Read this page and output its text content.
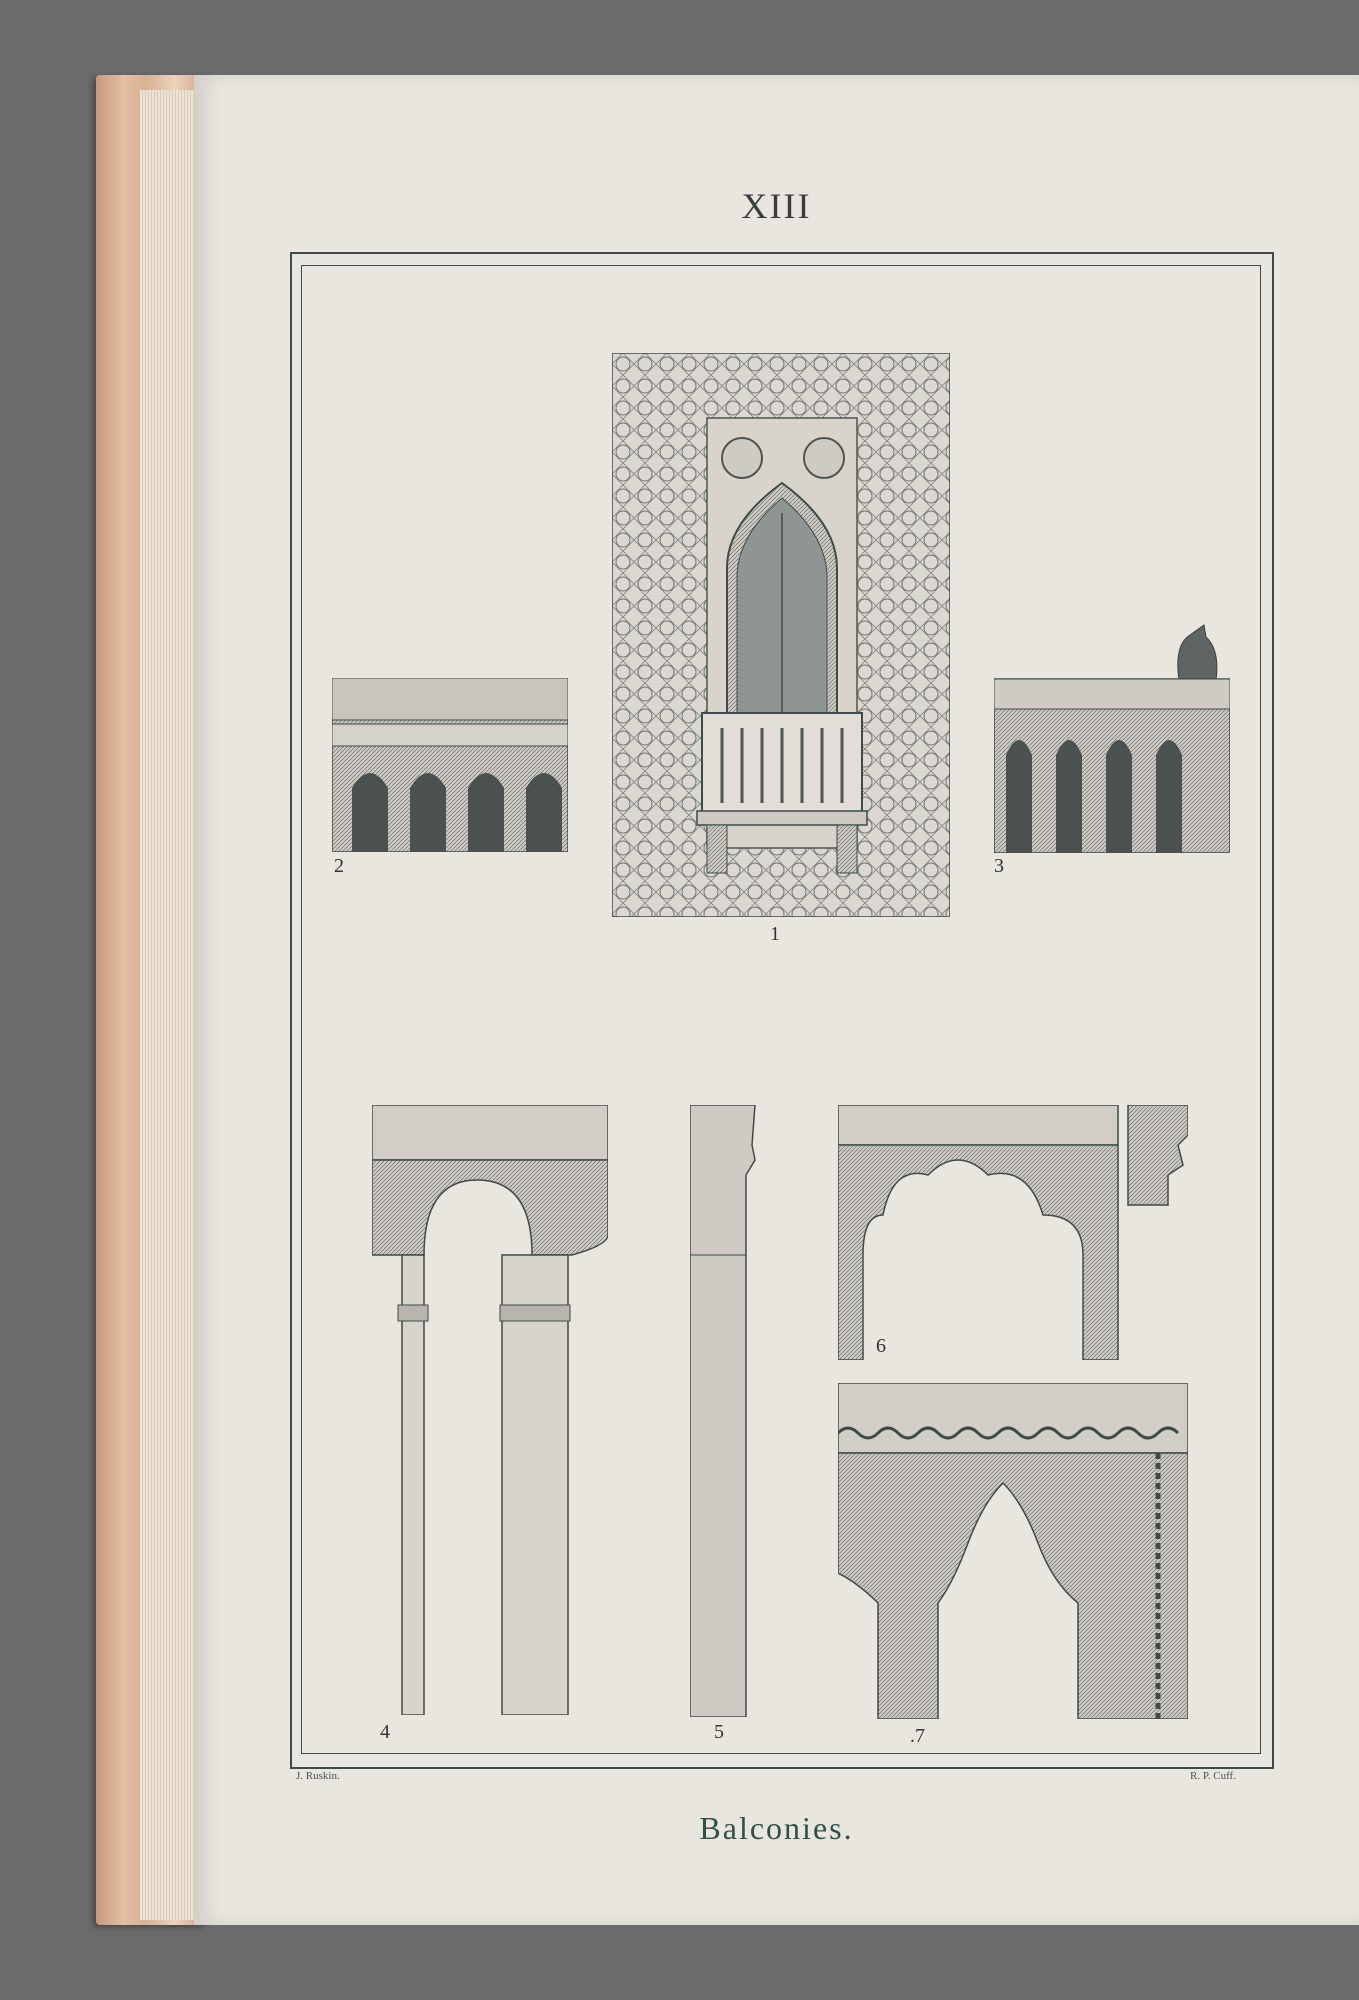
XIII
1
2	3
4	5
6
.7
J. Ruskin.	R. P. Cuff.
Balconies.
